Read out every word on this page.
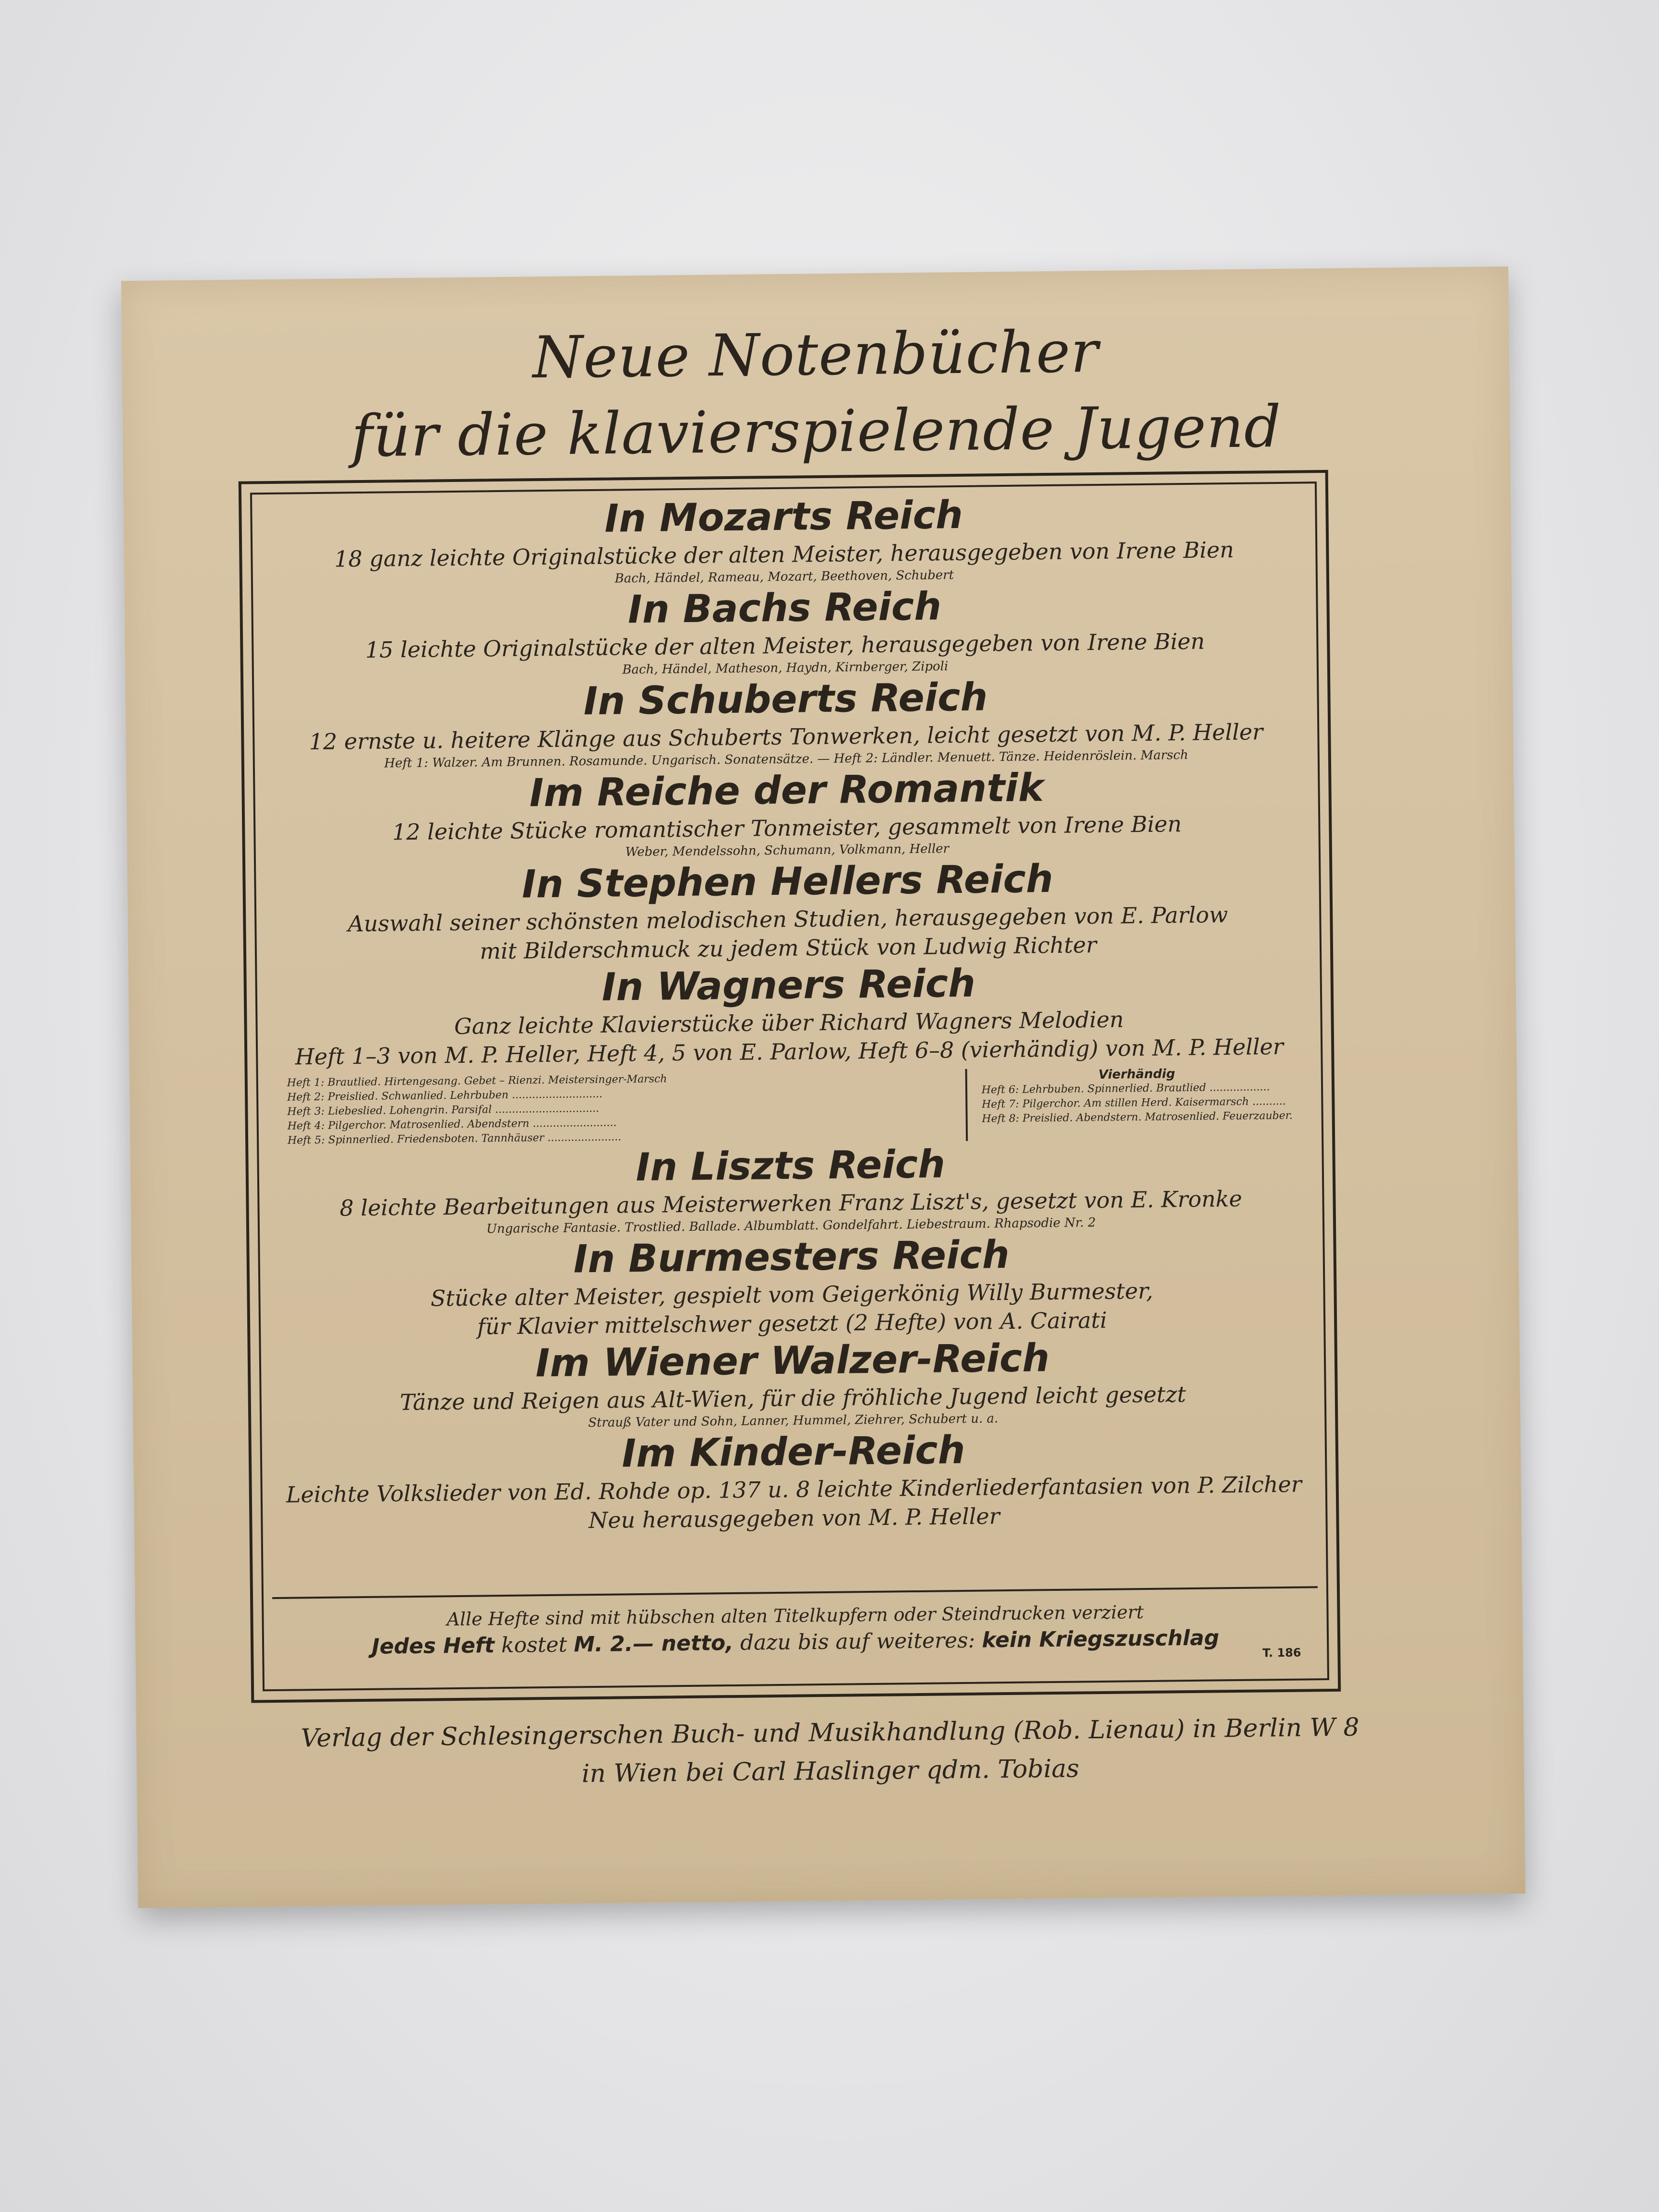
Neue Notenbücher
für die klavierspielende Jugend
In Mozarts Reich
18 ganz leichte Originalstücke der alten Meister, herausgegeben von Irene Bien
Bach, Händel, Rameau, Mozart, Beethoven, Schubert
In Bachs Reich
15 leichte Originalstücke der alten Meister, herausgegeben von Irene Bien
Bach, Händel, Matheson, Haydn, Kirnberger, Zipoli
In Schuberts Reich
12 ernste u. heitere Klänge aus Schuberts Tonwerken, leicht gesetzt von M. P. Heller
Heft 1: Walzer. Am Brunnen. Rosamunde. Ungarisch. Sonatensätze. — Heft 2: Ländler. Menuett. Tänze. Heidenröslein. Marsch
Im Reiche der Romantik
12 leichte Stücke romantischer Tonmeister, gesammelt von Irene Bien
Weber, Mendelssohn, Schumann, Volkmann, Heller
In Stephen Hellers Reich
Auswahl seiner schönsten melodischen Studien, herausgegeben von E. Parlow
mit Bilderschmuck zu jedem Stück von Ludwig Richter
In Wagners Reich
Ganz leichte Klavierstücke über Richard Wagners Melodien
Heft 1–3 von M. P. Heller, Heft 4, 5 von E. Parlow, Heft 6–8 (vierhändig) von M. P. Heller
Heft 1: Brautlied. Hirtengesang. Gebet – Rienzi. Meistersinger-Marsch
Heft 2: Preislied. Schwanlied. Lehrbuben ...........................
Heft 3: Liebeslied. Lohengrin. Parsifal ...............................
Heft 4: Pilgerchor. Matrosenlied. Abendstern .........................
Heft 5: Spinnerlied. Friedensboten. Tannhäuser ......................
Vierhändig
Heft 6: Lehrbuben. Spinnerlied. Brautlied ..................
Heft 7: Pilgerchor. Am stillen Herd. Kaisermarsch ..........
Heft 8: Preislied. Abendstern. Matrosenlied. Feuerzauber.
In Liszts Reich
8 leichte Bearbeitungen aus Meisterwerken Franz Liszt's, gesetzt von E. Kronke
Ungarische Fantasie. Trostlied. Ballade. Albumblatt. Gondelfahrt. Liebestraum. Rhapsodie Nr. 2
In Burmesters Reich
Stücke alter Meister, gespielt vom Geigerkönig Willy Burmester,
für Klavier mittelschwer gesetzt (2 Hefte) von A. Cairati
Im Wiener Walzer-Reich
Tänze und Reigen aus Alt-Wien, für die fröhliche Jugend leicht gesetzt
Strauß Vater und Sohn, Lanner, Hummel, Ziehrer, Schubert u. a.
Im Kinder-Reich
Leichte Volkslieder von Ed. Rohde op. 137 u. 8 leichte Kinderliederfantasien von P. Zilcher
Neu herausgegeben von M. P. Heller
Alle Hefte sind mit hübschen alten Titelkupfern oder Steindrucken verziert
Jedes Heft kostet M. 2.— netto, dazu bis auf weiteres: kein Kriegszuschlag
T. 186
Verlag der Schlesingerschen Buch- und Musikhandlung (Rob. Lienau) in Berlin W 8
in Wien bei Carl Haslinger qdm. Tobias
